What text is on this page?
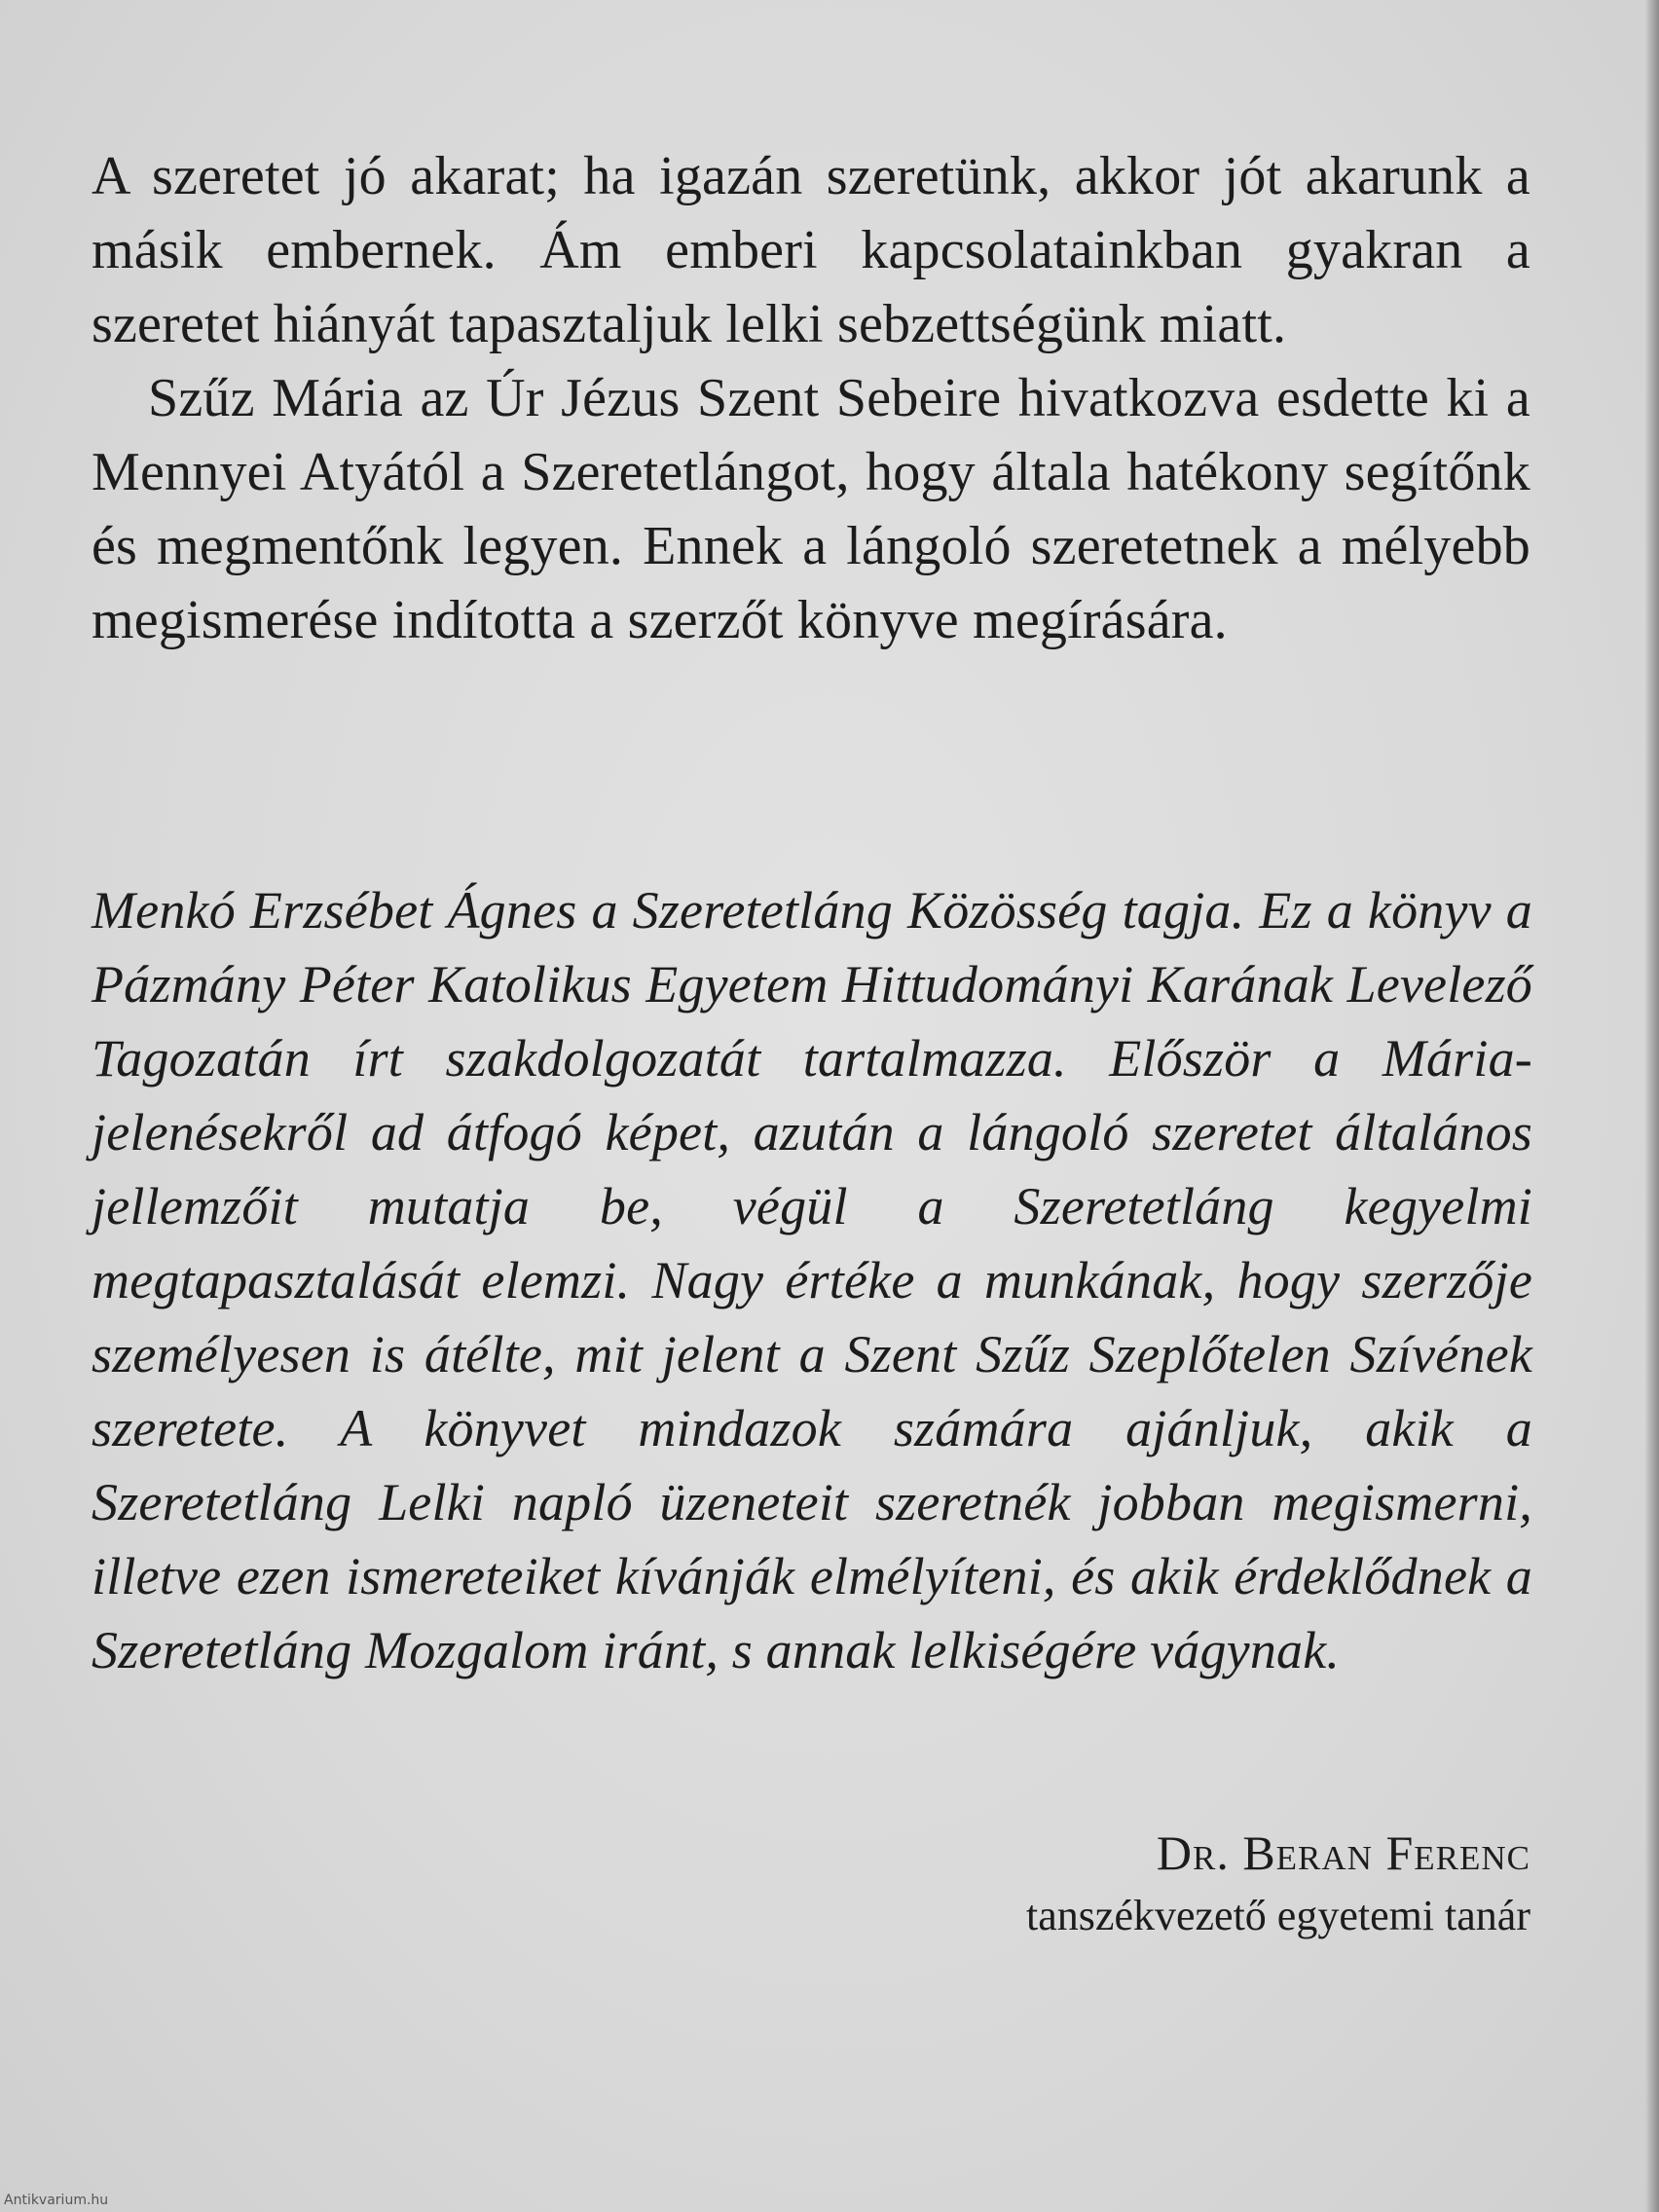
A szeretet jó akarat; ha igazán szeretünk, akkor jót akarunk a másik embernek. Ám emberi kapcsolatainkban gyakran a szeretet hiányát tapasztaljuk lelki sebzettségünk miatt.

Szűz Mária az Úr Jézus Szent Sebeire hivatkozva esdette ki a Mennyei Atyától a Szeretetlángot, hogy általa hatékony segítőnk és megmentőnk legyen. Ennek a lángoló szeretetnek a mélyebb megismerése indította a szerzőt könyve megírására.

Menkó Erzsébet Ágnes a Szeretetláng Közösség tagja. Ez a könyv a Pázmány Péter Katolikus Egyetem Hittudományi Karának Levelező Tagozatán írt szakdolgozatát tartalmazza. Először a Mária-jelenésekről ad átfogó képet, azután a lángoló szeretet általános jellemzőit mutatja be, végül a Szeretetláng kegyelmi megtapasztalását elemzi. Nagy értéke a munkának, hogy szerzője személyesen is átélte, mit jelent a Szent Szűz Szeplőtelen Szívének szeretete. A könyvet mindazok számára ajánljuk, akik a Szeretetláng Lelki napló üzeneteit szeretnék jobban megismerni, illetve ezen ismereteiket kívánják elmélyíteni, és akik érdeklődnek a Szeretetláng Mozgalom iránt, s annak lelkiségére vágynak.

Dr. Beran Ferenc
tanszékvezető egyetemi tanár
Antikvarium.hu
